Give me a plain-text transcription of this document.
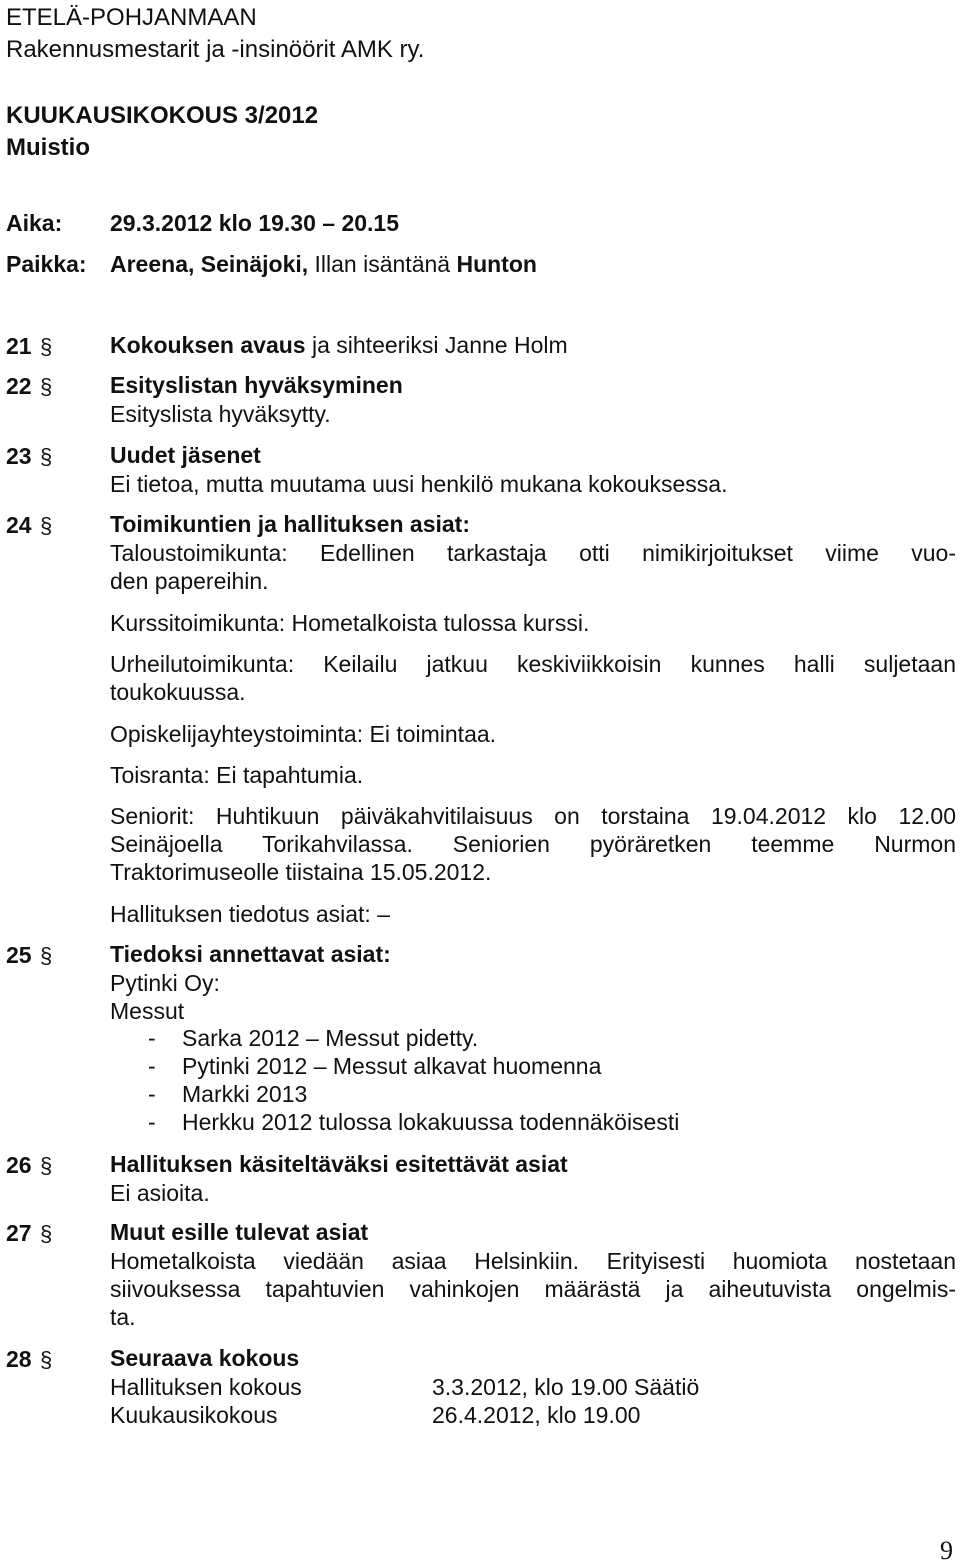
ETELÄ-POHJANMAAN
Rakennusmestarit ja -insinöörit AMK ry.
KUUKAUSIKOKOUS 3/2012
Muistio
Aika: 29.3.2012 klo 19.30 – 20.15
Paikka: Areena, Seinäjoki, Illan isäntänä Hunton
21 §	Kokouksen avaus ja sihteeriksi Janne Holm
22 §	Esityslistan hyväksyminen
Esityslista hyväksytty.
23 §	Uudet jäsenet
Ei tietoa, mutta muutama uusi henkilö mukana kokouksessa.
24 §	Toimikuntien ja hallituksen asiat:
Taloustoimikunta: Edellinen tarkastaja otti nimikirjoitukset viime vuo-
den papereihin.
Kurssitoimikunta: Hometalkoista tulossa kurssi.
Urheilutoimikunta: Keilailu jatkuu keskiviikkoisin kunnes halli suljetaan
toukokuussa.
Opiskelijayhteystoiminta: Ei toimintaa.
Toisranta: Ei tapahtumia.
Seniorit: Huhtikuun päiväkahvitilaisuus on torstaina 19.04.2012 klo 12.00
Seinäjoella Torikahvilassa. Seniorien pyöräretken teemme Nurmon
Traktorimuseolle tiistaina 15.05.2012.
Hallituksen tiedotus asiat: –
25 §	Tiedoksi annettavat asiat:
Pytinki Oy:
Messut
- Sarka 2012 – Messut pidetty.
- Pytinki 2012 – Messut alkavat huomenna
- Markki 2013
- Herkku 2012 tulossa lokakuussa todennäköisesti
26 §	Hallituksen käsiteltäväksi esitettävät asiat
Ei asioita.
27 §	Muut esille tulevat asiat
Hometalkoista viedään asiaa Helsinkiin. Erityisesti huomiota nostetaan
siivouksessa tapahtuvien vahinkojen määrästä ja aiheutuvista ongelmis-
ta.
28 §	Seuraava kokous
Hallituksen kokous	3.3.2012, klo 19.00 Säätiö
Kuukausikokous	26.4.2012, klo 19.00
9
